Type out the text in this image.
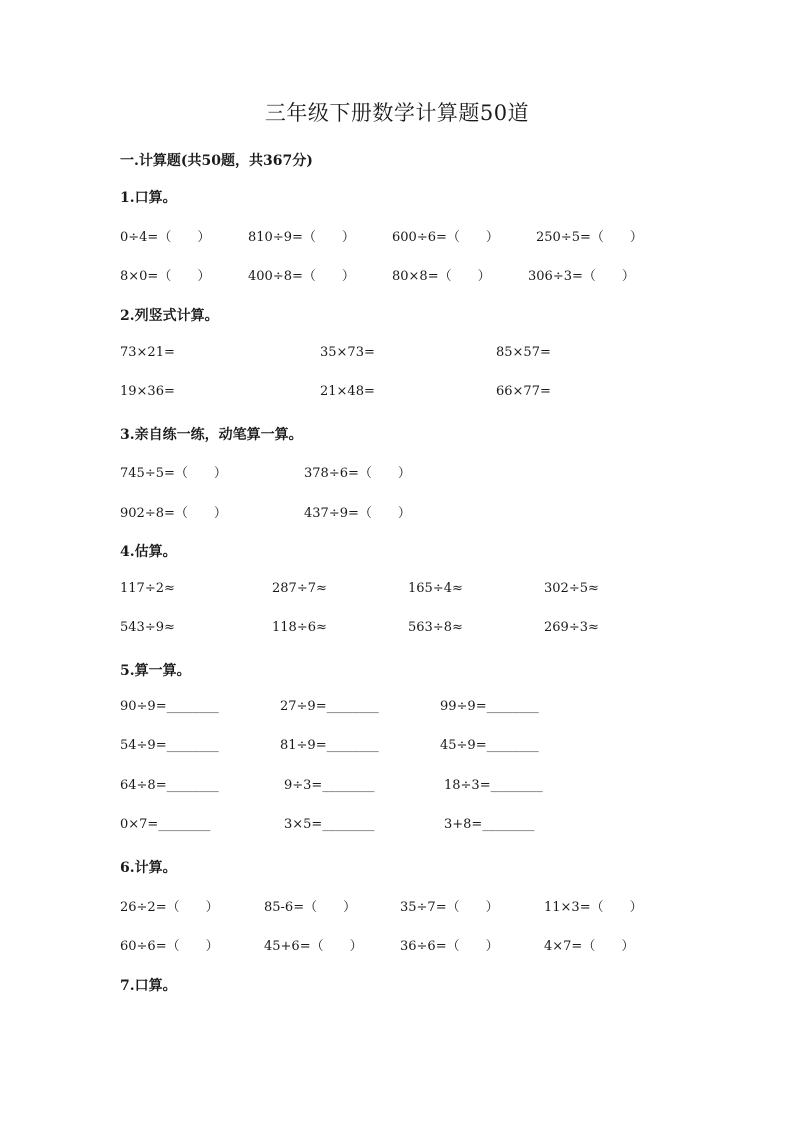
三年级下册数学计算题50道
一.计算题(共50题，共367分)
1.口算。
0÷4=（　　）	810÷9=（　　）	600÷6=（　　）	250÷5=（　　）
8×0=（　　）	400÷8=（　　）	80×8=（　　）	306÷3=（　　）
2.列竖式计算。
73×21=	35×73=	85×57=
19×36=	21×48=	66×77=
3.亲自练一练，动笔算一算。
745÷5=（　　）	378÷6=（　　）
902÷8=（　　）	437÷9=（　　）
4.估算。
117÷2≈	287÷7≈	165÷4≈	302÷5≈
543÷9≈	118÷6≈	563÷8≈	269÷3≈
5.算一算。
90÷9=________	27÷9=________	99÷9=________
54÷9=________	81÷9=________	45÷9=________
64÷8=________	9÷3=________	18÷3=________
0×7=________	3×5=________	3+8=________
6.计算。
26÷2=（　　）	85-6=（　　）	35÷7=（　　）	11×3=（　　）
60÷6=（　　）	45+6=（　　）	36÷6=（　　）	4×7=（　　）
7.口算。
